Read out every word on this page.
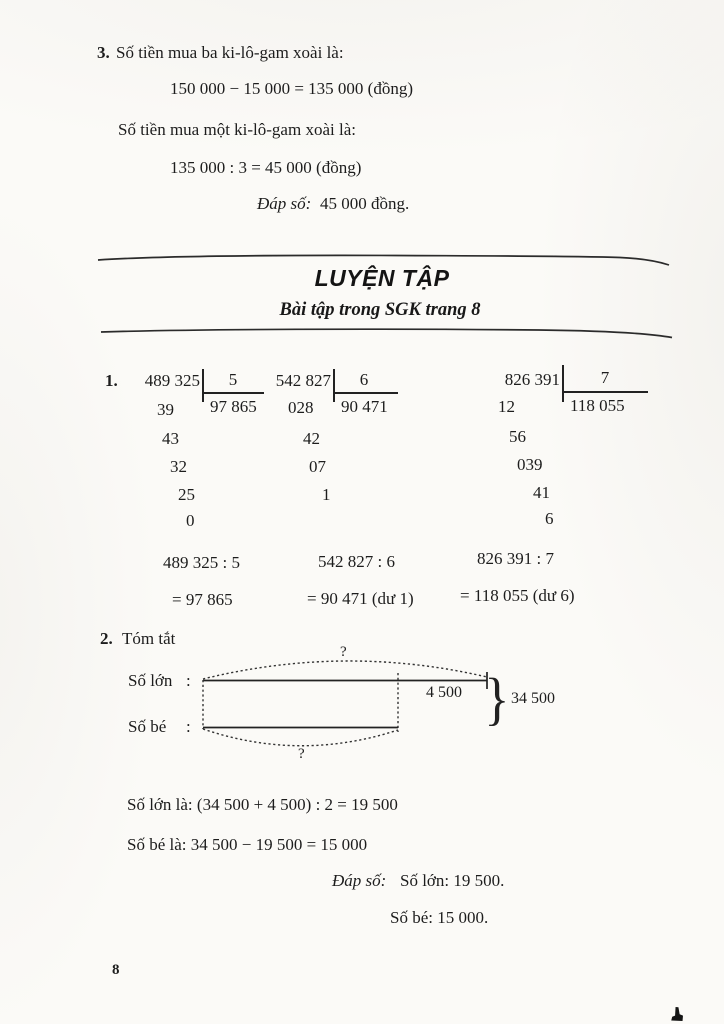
3. Số tiền mua ba ki-lô-gam xoài là:
150 000 − 15 000 = 135 000 (đồng)
Số tiền mua một ki-lô-gam xoài là:
135 000 : 3 = 45 000 (đồng)
Đáp số: 45 000 đồng.
LUYỆN TẬP
Bài tập trong SGK trang 8
1.	489 325	5
97 865
39
43
32
25
0
542 827	6
90 471
028
42
07
1
826 391	7
118 055
12
56
039
41
6
489 325 : 5
= 97 865
542 827 : 6
= 90 471 (dư 1)
826 391 : 7
= 118 055 (dư 6)
2. Tóm tắt
?
Số lớn :
4 500 } 34 500
Số bé :
?
Số lớn là: (34 500 + 4 500) : 2 = 19 500
Số bé là: 34 500 − 19 500 = 15 000
Đáp số: Số lớn: 19 500.
Số bé: 15 000.
8
